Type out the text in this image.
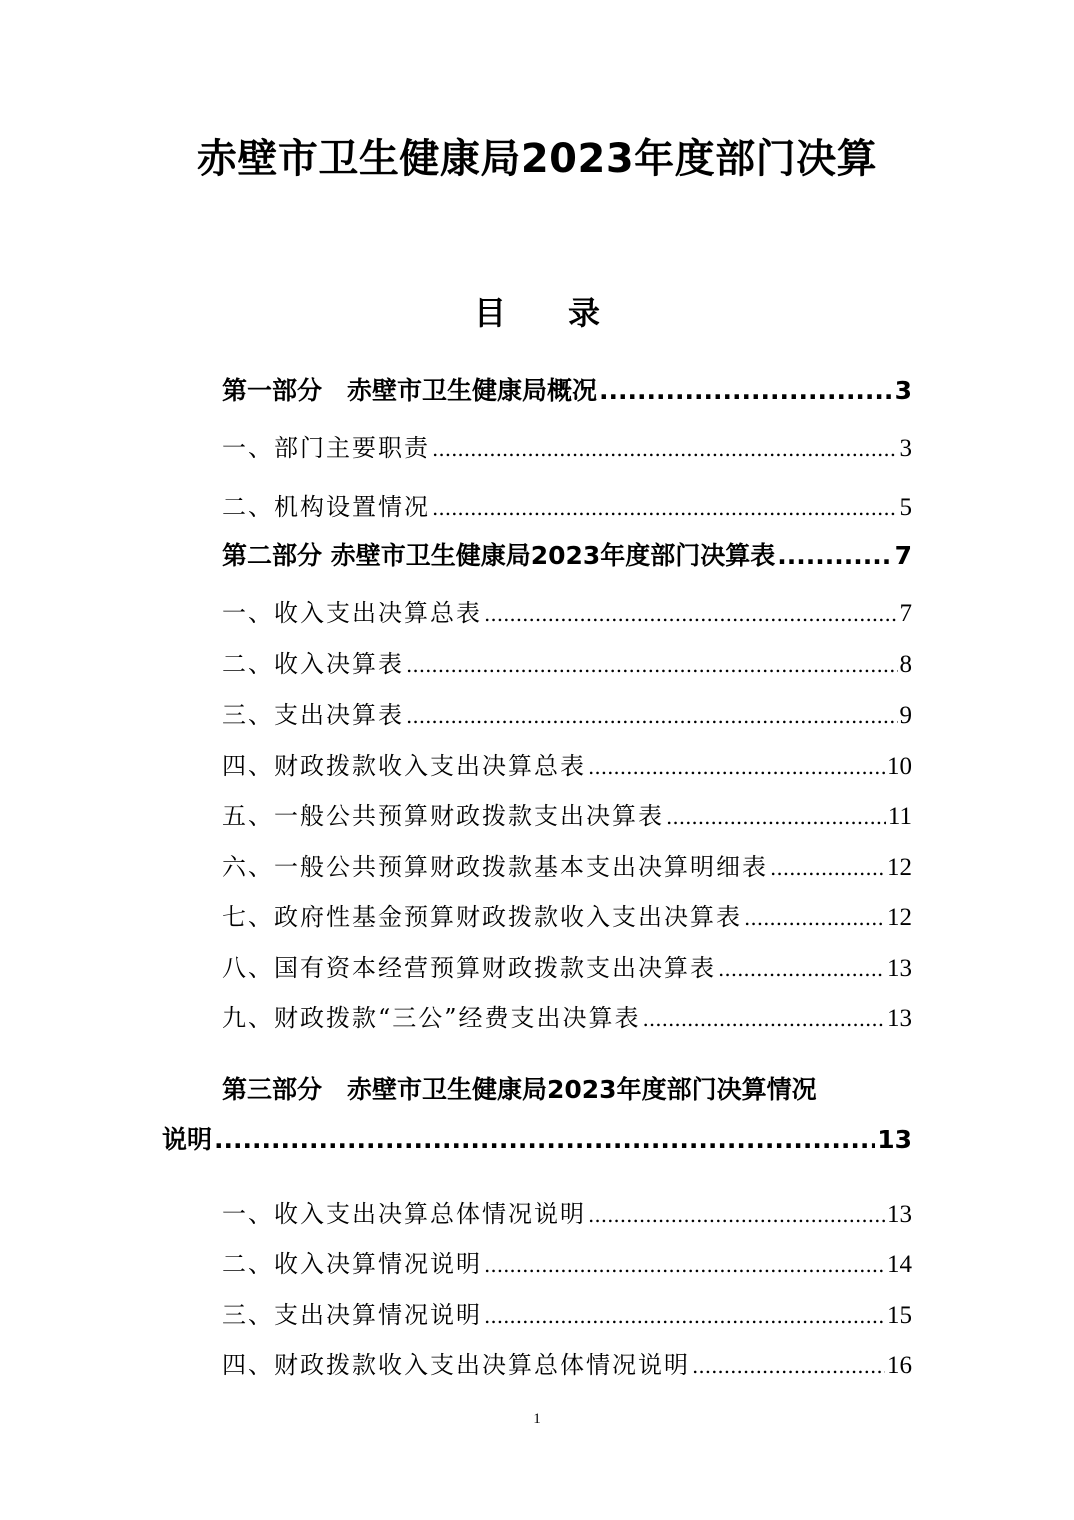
赤壁市卫生健康局2023年度部门决算
目 录
第一部分　赤壁市卫生健康局概况 .....	3
一、部门主要职责 .....	3
二、机构设置情况 .....	5
第二部分 赤壁市卫生健康局2023年度部门决算表 .....	7
一、收入支出决算总表 .....	7
二、收入决算表 .....	8
三、支出决算表 .....	9
四、财政拨款收入支出决算总表 .....	10
五、一般公共预算财政拨款支出决算表 .....	11
六、一般公共预算财政拨款基本支出决算明细表 .....	12
七、政府性基金预算财政拨款收入支出决算表 .....	12
八、国有资本经营预算财政拨款支出决算表 .....	13
九、财政拨款“三公”经费支出决算表 .....	13
第三部分　赤壁市卫生健康局2023年度部门决算情况
说明 .....	13
一、收入支出决算总体情况说明 .....	13
二、收入决算情况说明 .....	14
三、支出决算情况说明 .....	15
四、财政拨款收入支出决算总体情况说明 .....	16
1
